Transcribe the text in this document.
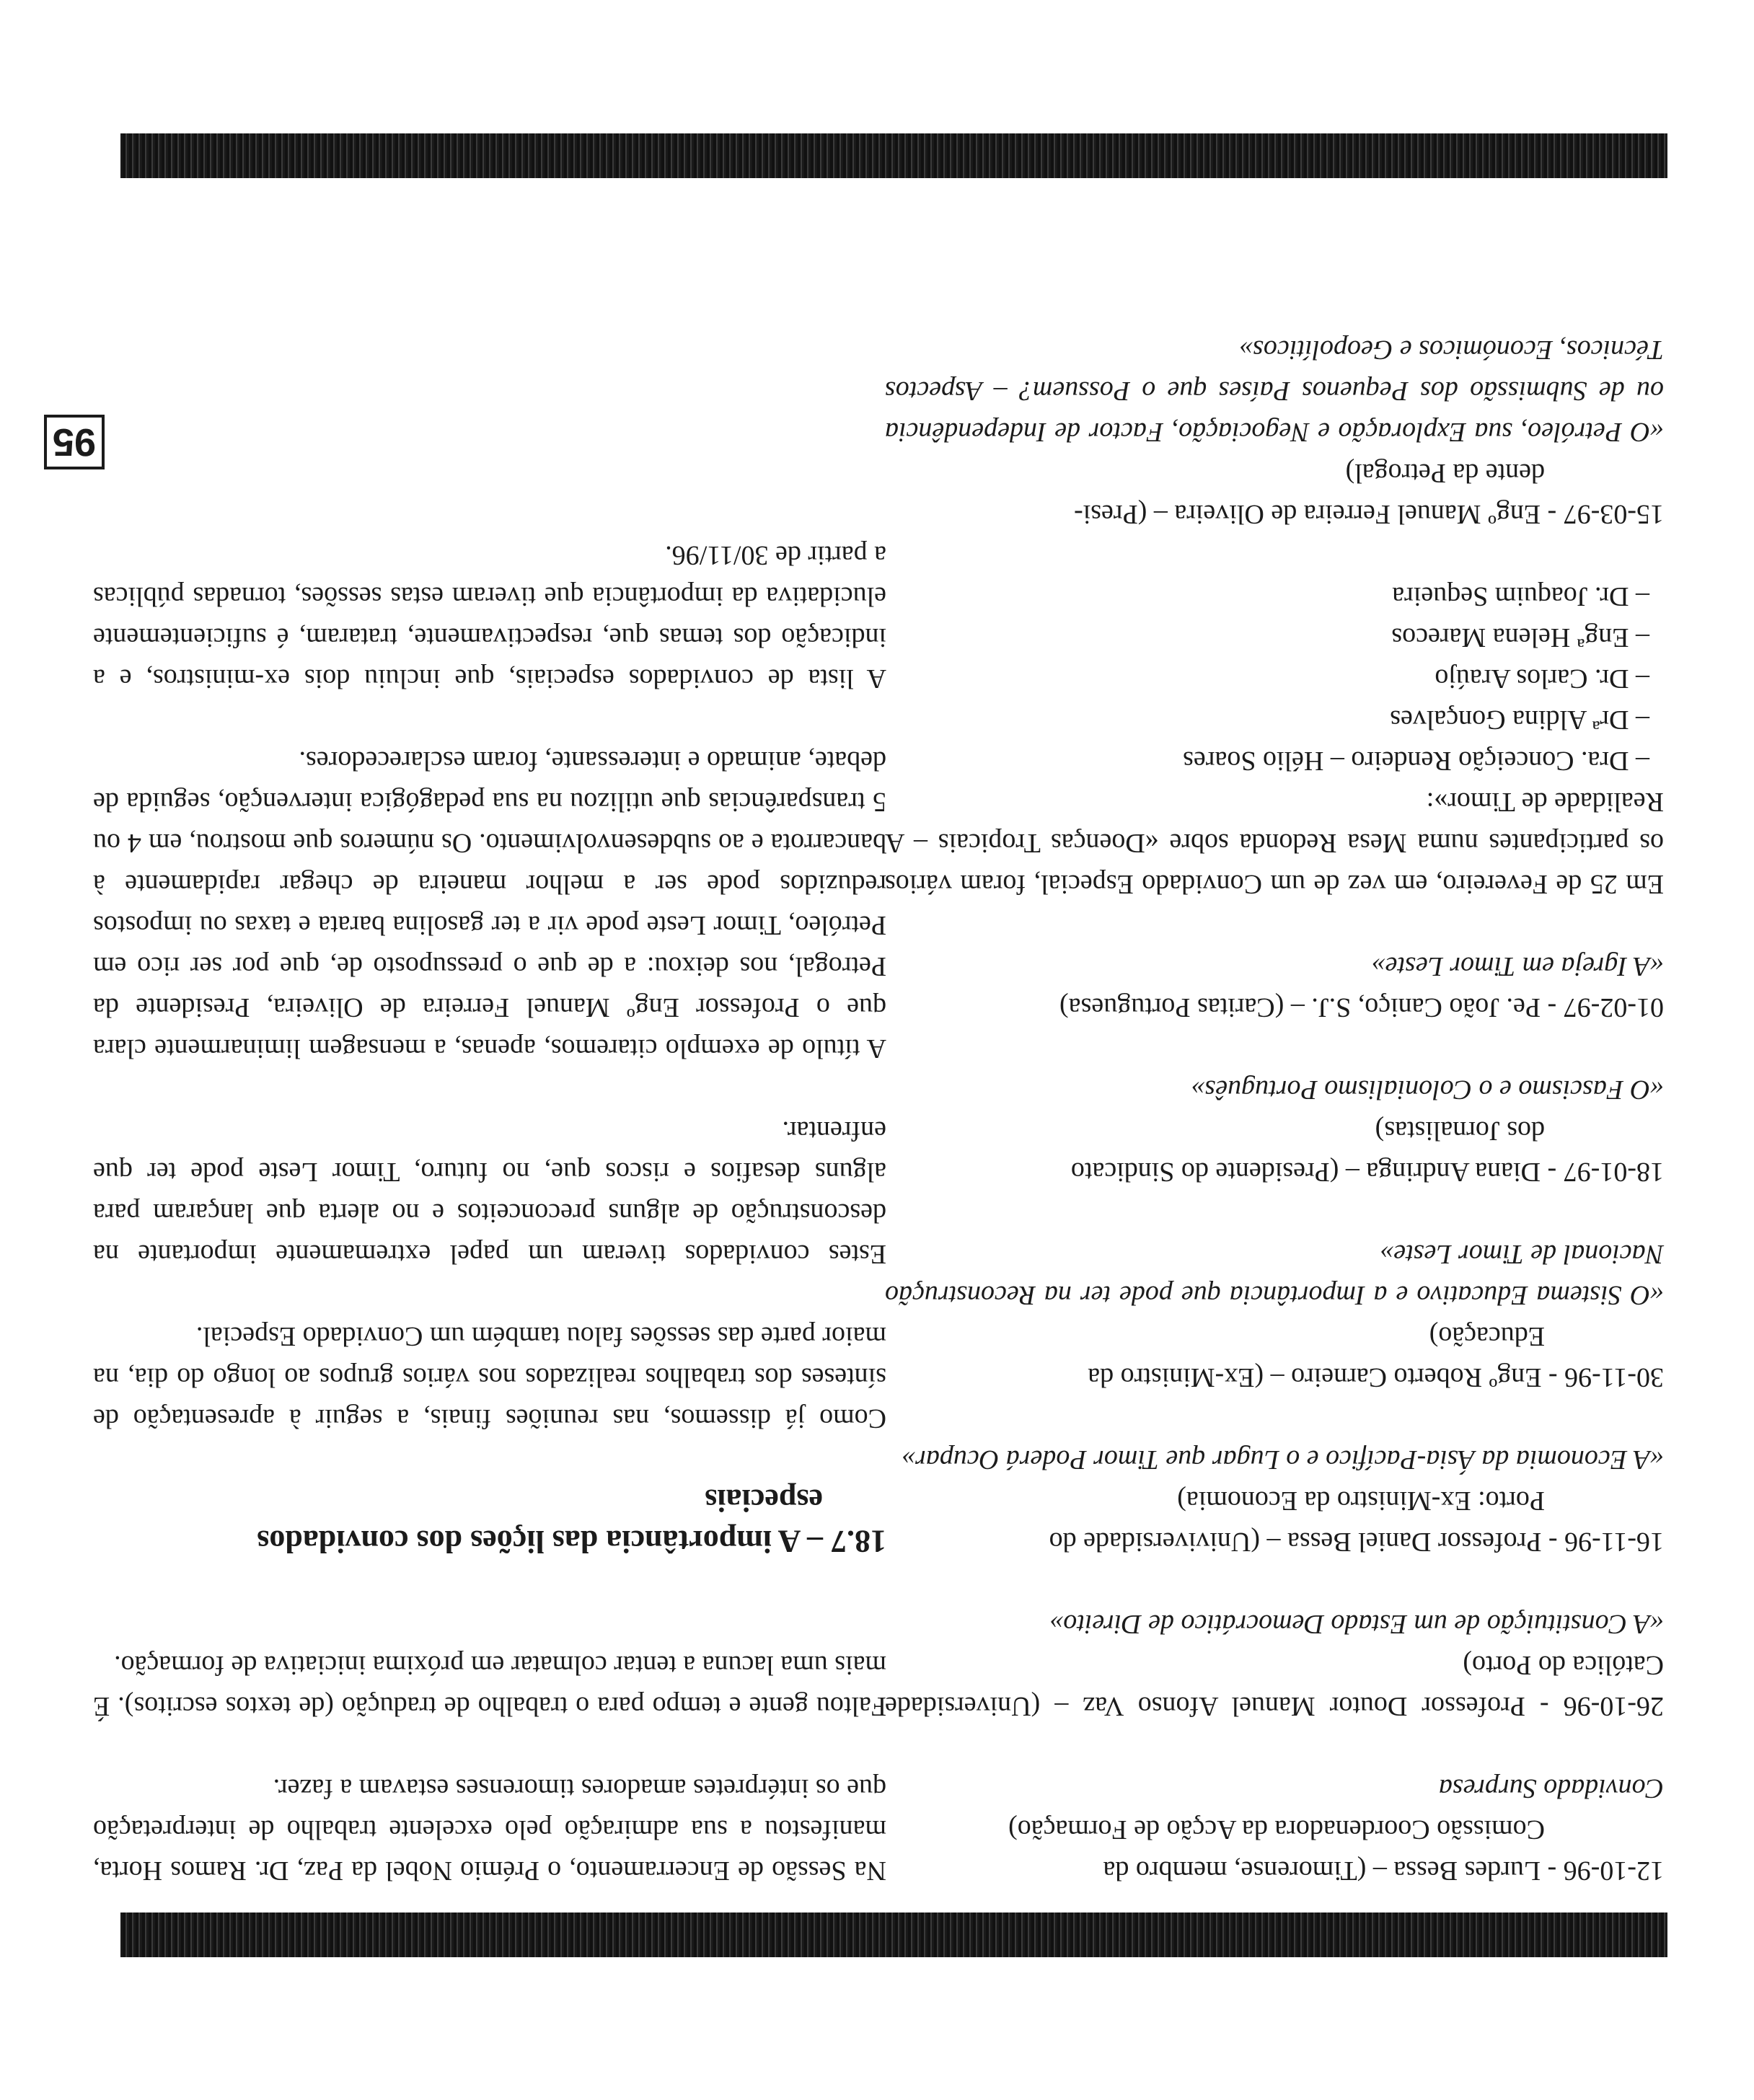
95
12-10-96 - Lurdes Bessa – (Timorense, membro da
Comissão Coordenadora da Acção de Formação)
Convidado Surpresa
26-10-96 - Professor Doutor Manuel Afonso Vaz – (Universidade Católica do Porto)
«A Constituição de um Estado Democrático de Direito»
16-11-96 - Professor Daniel Bessa – (Univiversidade do
Porto: Ex-Ministro da Economia)
«A Economia da Ásia-Pacífico e o Lugar que Timor Poderá Ocupar»
30-11-96 - Engº Roberto Carneiro – (Ex-Ministro da
Educação)
«O Sistema Educativo e a Importância que pode ter na Reconstrução Nacional de Timor Leste»
18-01-97 - Diana Andringa – (Presidente do Sindicato
dos Jornalistas)
«O Fascismo e o Colonialismo Português»
01-02-97 - Pe. João Caniço, S.J. – (Caritas Portuguesa)
«A Igreja em Timor Leste»
Em 25 de Fevereiro, em vez de um Convidado Especial, foram vários os participantes numa Mesa Redonda sobre «Doenças Tropicais – A Realidade de Timor»:
– Dra. Conceição Rendeiro – Hélio Soares
– Drª Aldina Gonçalves
– Dr. Carlos Araújo
– Engª Helena Marecos
– Dr. Joaquim Sequeira
15-03-97 - Engº Manuel Ferreira de Oliveira – (Presi-
dente da Petrogal)
«O Petróleo, sua Exploração e Negociação, Factor de Independência ou de Submissão dos Pequenos Países que o Possuem? – Aspectos Técnicos, Económicos e Geopolíticos»

Na Sessão de Encerramento, o Prémio Nobel da Paz, Dr. Ramos Horta, manifestou a sua admiração pelo excelente trabalho de interpretação que os intérpretes amadores timorenses estavam a fazer.

Faltou gente e tempo para o trabalho de tradução (de textos escritos). É mais uma lacuna a tentar colmatar em próxima iniciativa de formação.

18.7 – A importância das lições dos convidados
especiais

Como já dissemos, nas reuniões finais, a seguir à apresentação de sínteses dos trabalhos realizados nos vários grupos ao longo do dia, na maior parte das sessões falou também um Convidado Especial.

Estes convidados tiveram um papel extremamente importante na desconstrução de alguns preconceitos e no alerta que lançaram para alguns desafios e riscos que, no futuro, Timor Leste pode ter que enfrentar.

A título de exemplo citaremos, apenas, a mensagem liminarmente clara que o Professor Engº Manuel Ferreira de Oliveira, Presidente da Petrogal, nos deixou: a de que o pressuposto de, que por ser rico em Petróleo, Timor Leste pode vir a ter gasolina barata e taxas ou impostos reduzidos pode ser a melhor maneira de chegar rapidamente à bancarrota e ao subdesenvolvimento. Os números que mostrou, em 4 ou 5 transparências que utilizou na sua pedagógica intervenção, seguida de debate, animado e interessante, foram esclarecedores.

A lista de convidados especiais, que incluiu dois ex-ministros, e a indicação dos temas que, respectivamente, trataram, é suficientemente elucidativa da importância que tiveram estas sessões, tornadas públicas a partir de 30/11/96.
